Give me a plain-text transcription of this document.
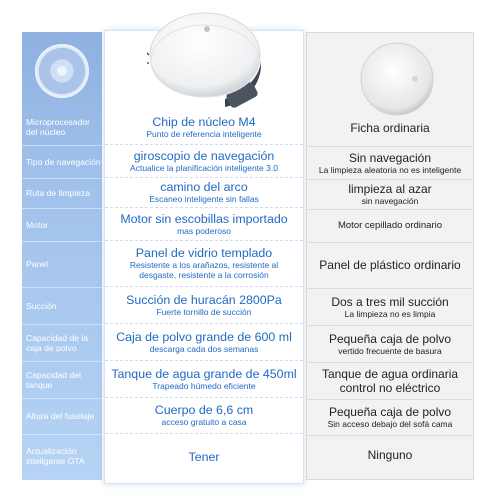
Microprocesador del núcleo
Tipo de navegación
Ruta de limpieza
Motor
Panel
Succión
Capacidad de la caja de polvo
Capacidad del tanque
Altura del fuselaje
Actualización inteligente OTA
Chip de núcleo M4
Punto de referencia inteligente
giroscopio de navegación
Actualice la planificación inteligente 3.0
camino del arco
Escaneo inteligente sin fallas
Motor sin escobillas importado
mas poderoso
Panel de vidrio templado
Resistente a los arañazos, resistente al desgaste, resistente a la corrosión
Succión de huracán 2800Pa
Fuerte tornillo de succión
Caja de polvo grande de 600 ml
descarga cada dos semanas
Tanque de agua grande de 450ml
Trapeado húmedo eficiente
Cuerpo de 6,6 cm
acceso gratuito a casa
Tener
Ficha ordinaria
Sin navegación
La limpieza aleatoria no es inteligente
limpieza al azar
sin navegación
Motor cepillado ordinario
Panel de plástico ordinario
Dos a tres mil succión
La limpieza no es limpia
Pequeña caja de polvo
vertido frecuente de basura
Tanque de agua ordinaria control no eléctrico
Pequeña caja de polvo
Sin acceso debajo del sofá cama
Ninguno
